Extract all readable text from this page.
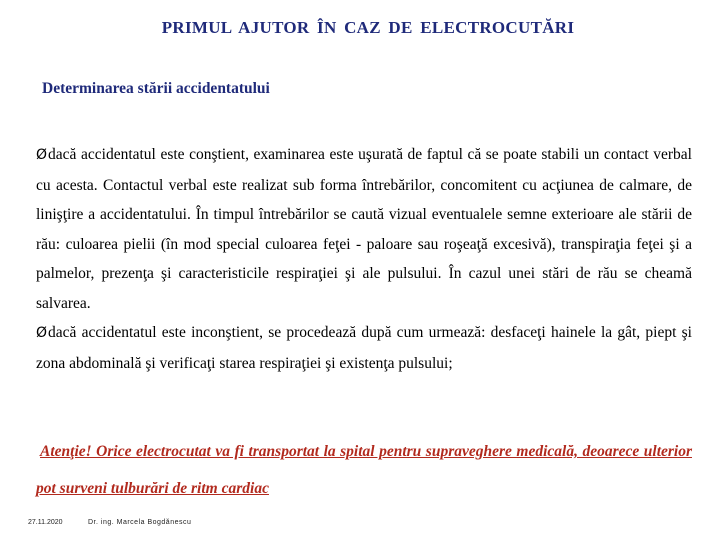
PRIMUL AJUTOR ÎN CAZ DE ELECTROCUTĂRI
Determinarea stării accidentatului

Ødacă accidentatul este conştient, examinarea este uşurată de faptul că se poate stabili un contact verbal cu acesta. Contactul verbal este realizat sub forma întrebărilor, concomitent cu acţiunea de calmare, de linişţire a accidentatului. În timpul întrebărilor se caută vizual eventualele semne exterioare ale stării de rău: culoarea pielii (în mod special culoarea feţei - paloare sau roşeaţă excesivă), transpiraţia feţei şi a palmelor, prezenţa şi caracteristicile respiraţiei şi ale pulsului. În cazul unei stări de rău se cheamă salvarea.

Ødacă accidentatul este inconştient, se procedează după cum urmează: desfaceţi hainele la gât, piept şi zona abdominală şi verificaţi starea respiraţiei şi existenţa pulsului;

Atenţie! Orice electrocutat va fi transportat la spital pentru supraveghere medicală, deoarece ulterior pot surveni tulburări de ritm cardiac
27.11.2020	Dr. ing. Marcela Bogdănescu
